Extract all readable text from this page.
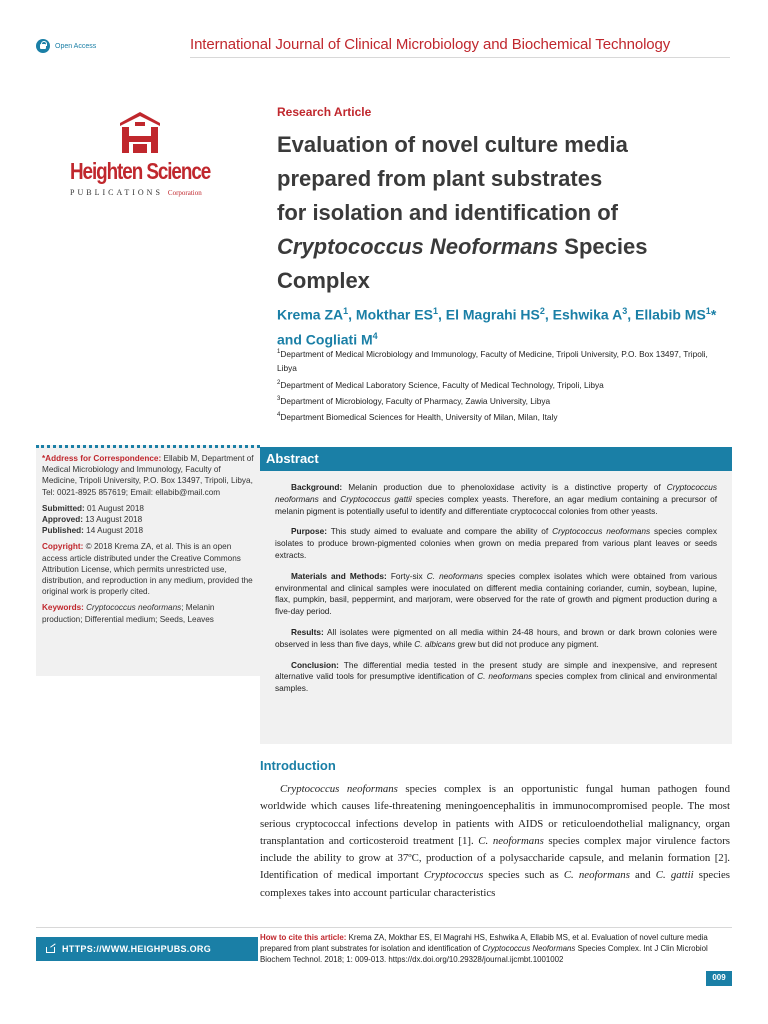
Open Access	International Journal of Clinical Microbiology and Biochemical Technology
Heighten Science
PUBLICATIONS Corporation
Research Article
Evaluation of novel culture media
prepared from plant substrates
for isolation and identification of
Cryptococcus Neoformans Species
Complex
Krema $ZA^1$, Mokthar $ES^1$, El Magrahi $HS^2$, Eshwika $A^3$, Ellabib $MS^1*$ and Cogliati $M^4$
$^1$Department of Medical Microbiology and Immunology, Faculty of Medicine, Tripoli University, P.O. Box 13497, Tripoli, Libya
$^2$Department of Medical Laboratory Science, Faculty of Medical Technology, Tripoli, Libya
$^3$Department of Microbiology, Faculty of Pharmacy, Zawia University, Libya
$^4$Department Biomedical Sciences for Health, University of Milan, Milan, Italy
*Address for Correspondence: Ellabib M, Department of Medical Microbiology and Immunology, Faculty of Medicine, Tripoli University, P.O. Box 13497, Tripoli, Libya, Tel: 0021-8925 857619; Email: ellabib@mail.com
Submitted: 01 August 2018
Approved: 13 August 2018
Published: 14 August 2018
Copyright: © 2018 Krema ZA, et al. This is an open access article distributed under the Creative Commons Attribution License, which permits unrestricted use, distribution, and reproduction in any medium, provided the original work is properly cited.
Keywords: Cryptococcus neoformans; Melanin production; Differential medium; Seeds, Leaves
Abstract

Background: Melanin production due to phenoloxidase activity is a distinctive property of Cryptococcus neoformans and Cryptococcus gattii species complex yeasts. Therefore, an agar medium containing a precursor of melanin pigment is potentially useful to identify and differentiate cryptococcal colonies from other yeasts.

Purpose: This study aimed to evaluate and compare the ability of Cryptococcus neoformans species complex isolates to produce brown-pigmented colonies when grown on media prepared from various plant leaves or seeds extracts.

Materials and Methods: Forty-six C. neoformans species complex isolates which were obtained from various environmental and clinical samples were inoculated on different media containing coriander, cumin, soybean, lupine, flax, pumpkin, basil, peppermint, and marjoram, were observed for the rate of growth and pigment production during a five-day period.

Results: All isolates were pigmented on all media within 24-48 hours, and brown or dark brown colonies were observed in less than five days, while C. albicans grew but did not produce any pigment.

Conclusion: The differential media tested in the present study are simple and inexpensive, and represent alternative valid tools for presumptive identification of C. neoformans species complex from clinical and environmental samples.

Introduction
Cryptococcus neoformans species complex is an opportunistic fungal human pathogen found worldwide which causes life-threatening meningoencephalitis in immunocompromised people. The most serious cryptococcal infections develop in patients with AIDS or reticuloendothelial malignancy, organ transplantation and corticosteroid treatment [1]. C. neoformans species complex major virulence factors include the ability to grow at 37ºC, production of a polysaccharide capsule, and melanin formation [2]. Identification of medical important Cryptococcus species such as C. neoformans and C. gattii species complexes takes into account particular characteristics
HTTPS://WWW.HEIGHPUBS.ORG
How to cite this article: Krema ZA, Mokthar ES, El Magrahi HS, Eshwika A, Ellabib MS, et al. Evaluation of novel culture media prepared from plant substrates for isolation and identification of Cryptococcus Neoformans Species Complex. Int J Clin Microbiol Biochem Technol. 2018; 1: 009-013. https://dx.doi.org/10.29328/journal.ijcmbt.1001002
009
